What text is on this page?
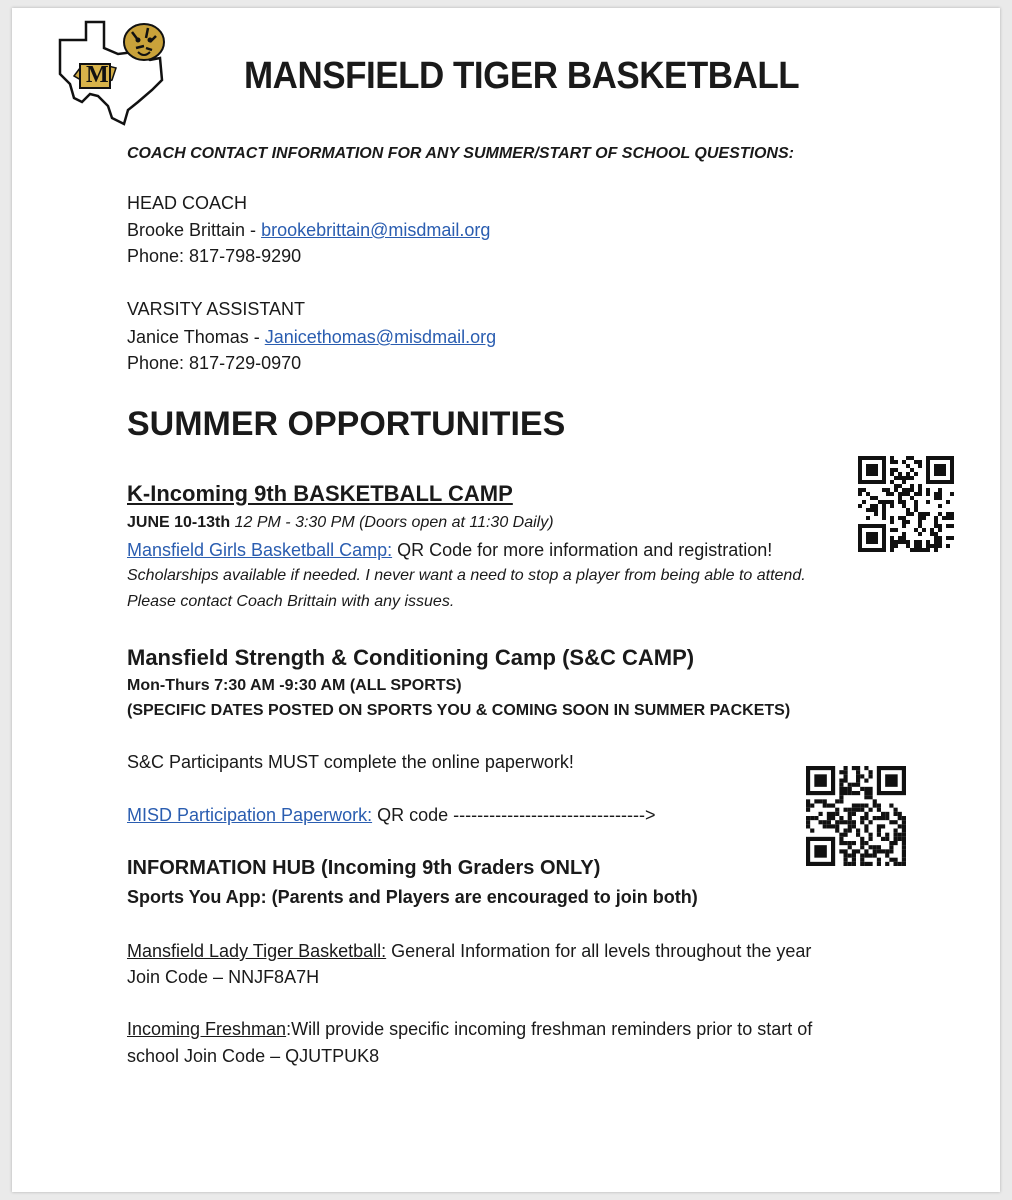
M	MANSFIELD TIGER BASKETBALL
COACH CONTACT INFORMATION FOR ANY SUMMER/START OF SCHOOL QUESTIONS:
HEAD COACH
Brooke Brittain - brookebrittain@misdmail.org
Phone: 817-798-9290
VARSITY ASSISTANT
Janice Thomas - Janicethomas@misdmail.org
Phone: 817-729-0970
SUMMER OPPORTUNITIES
K-Incoming 9th BASKETBALL CAMP
JUNE 10-13th 12 PM - 3:30 PM (Doors open at 11:30 Daily)
Mansfield Girls Basketball Camp: QR Code for more information and registration!
Scholarships available if needed. I never want a need to stop a player from being able to attend.
Please contact Coach Brittain with any issues.
Mansfield Strength & Conditioning Camp (S&C CAMP)
Mon-Thurs 7:30 AM -9:30 AM (ALL SPORTS)
(SPECIFIC DATES POSTED ON SPORTS YOU & COMING SOON IN SUMMER PACKETS)
S&C Participants MUST complete the online paperwork!
MISD Participation Paperwork: QR code -------------------------------->
INFORMATION HUB (Incoming 9th Graders ONLY)
Sports You App: (Parents and Players are encouraged to join both)
Mansfield Lady Tiger Basketball: General Information for all levels throughout the year
Join Code – NNJF8A7H
Incoming Freshman:Will provide specific incoming freshman reminders prior to start of
school Join Code – QJUTPUK8
